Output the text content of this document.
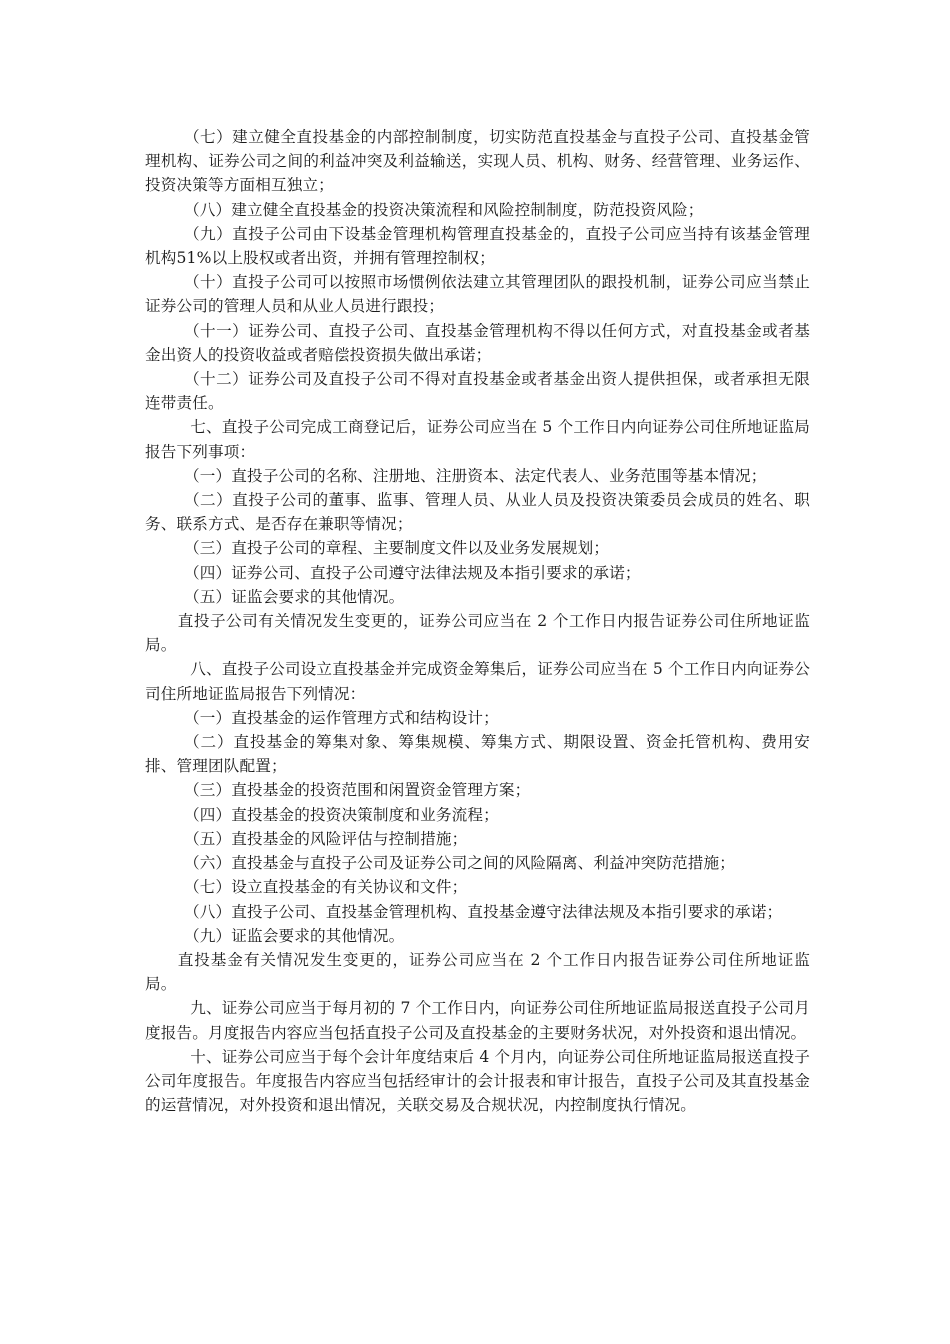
（七）建立健全直投基金的内部控制制度，切实防范直投基金与直投子公司、直投基金管理机构、证券公司之间的利益冲突及利益输送，实现人员、机构、财务、经营管理、业务运作、投资决策等方面相互独立；

（八）建立健全直投基金的投资决策流程和风险控制制度，防范投资风险；

（九）直投子公司由下设基金管理机构管理直投基金的，直投子公司应当持有该基金管理机构51%以上股权或者出资，并拥有管理控制权；

（十）直投子公司可以按照市场惯例依法建立其管理团队的跟投机制，证券公司应当禁止证券公司的管理人员和从业人员进行跟投；

（十一）证券公司、直投子公司、直投基金管理机构不得以任何方式，对直投基金或者基金出资人的投资收益或者赔偿投资损失做出承诺；

（十二）证券公司及直投子公司不得对直投基金或者基金出资人提供担保，或者承担无限连带责任。

七、直投子公司完成工商登记后，证券公司应当在 5 个工作日内向证券公司住所地证监局报告下列事项：

（一）直投子公司的名称、注册地、注册资本、法定代表人、业务范围等基本情况；

（二）直投子公司的董事、监事、管理人员、从业人员及投资决策委员会成员的姓名、职务、联系方式、是否存在兼职等情况；

（三）直投子公司的章程、主要制度文件以及业务发展规划；

（四）证券公司、直投子公司遵守法律法规及本指引要求的承诺；

（五）证监会要求的其他情况。

直投子公司有关情况发生变更的，证券公司应当在 2 个工作日内报告证券公司住所地证监局。

八、直投子公司设立直投基金并完成资金筹集后，证券公司应当在 5 个工作日内向证券公司住所地证监局报告下列情况：

（一）直投基金的运作管理方式和结构设计；

（二）直投基金的筹集对象、筹集规模、筹集方式、期限设置、资金托管机构、费用安排、管理团队配置；

（三）直投基金的投资范围和闲置资金管理方案；

（四）直投基金的投资决策制度和业务流程；

（五）直投基金的风险评估与控制措施；

（六）直投基金与直投子公司及证券公司之间的风险隔离、利益冲突防范措施；

（七）设立直投基金的有关协议和文件；

（八）直投子公司、直投基金管理机构、直投基金遵守法律法规及本指引要求的承诺；

（九）证监会要求的其他情况。

直投基金有关情况发生变更的，证券公司应当在 2 个工作日内报告证券公司住所地证监局。

九、证券公司应当于每月初的 7 个工作日内，向证券公司住所地证监局报送直投子公司月度报告。月度报告内容应当包括直投子公司及直投基金的主要财务状况，对外投资和退出情况。

十、证券公司应当于每个会计年度结束后 4 个月内，向证券公司住所地证监局报送直投子公司年度报告。年度报告内容应当包括经审计的会计报表和审计报告，直投子公司及其直投基金的运营情况，对外投资和退出情况，关联交易及合规状况，内控制度执行情况。
